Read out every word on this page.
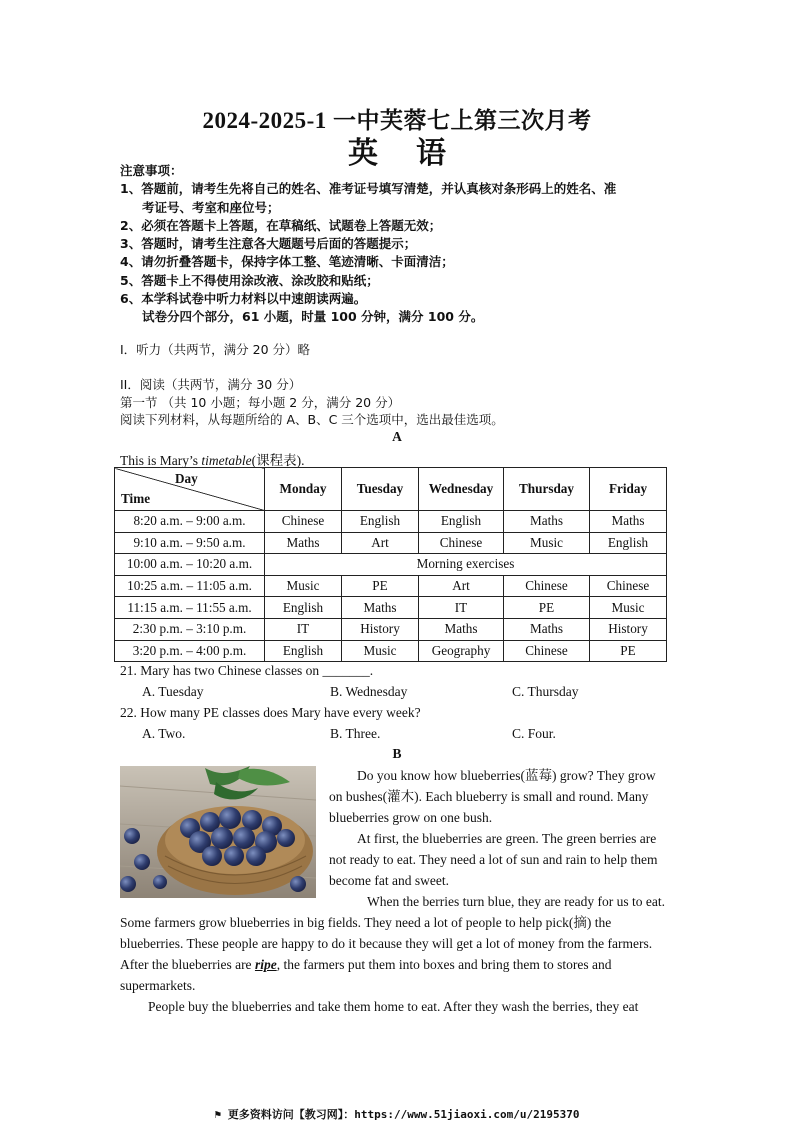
2024-2025-1 一中芙蓉七上第三次月考
英语
注意事项：
1、答题前，请考生先将自己的姓名、准考证号填写清楚，并认真核对条形码上的姓名、准
考证号、考室和座位号；
2、必须在答题卡上答题，在草稿纸、试题卷上答题无效；
3、答题时，请考生注意各大题题号后面的答题提示；
4、请勿折叠答题卡，保持字体工整、笔迹清晰、卡面清洁；
5、答题卡上不得使用涂改液、涂改胶和贴纸；
6、本学科试卷中听力材料以中速朗读两遍。
试卷分四个部分，61 小题，时量 100 分钟，满分 100 分。
I．听力（共两节，满分 20 分）略
II．阅读（共两节，满分 30 分）
第一节 （共 10 小题；每小题 2 分，满分 20 分）
阅读下列材料，从每题所给的 A、B、C 三个选项中，选出最佳选项。
A
This is Mary’s timetable(课程表).
Day
Time	Monday	Tuesday	Wednesday	Thursday	Friday
8:20 a.m. – 9:00 a.m.	Chinese	English	English	Maths	Maths
9:10 a.m. – 9:50 a.m.	Maths	Art	Chinese	Music	English
10:00 a.m. – 10:20 a.m.	Morning exercises				
10:25 a.m. – 11:05 a.m.	Music	PE	Art	Chinese	Chinese
11:15 a.m. – 11:55 a.m.	English	Maths	IT	PE	Music
2:30 p.m. – 3:10 p.m.	IT	History	Maths	Maths	History
3:20 p.m. – 4:00 p.m.	English	Music	Geography	Chinese	PE
21. Mary has two Chinese classes on _______.
A. Tuesday	B. Wednesday	C. Thursday
22. How many PE classes does Mary have every week?
A. Two.	B. Three.	C. Four.
B
Do you know how blueberries(蓝莓) grow? They grow
on bushes(灌木). Each blueberry is small and round. Many
blueberries grow on one bush.
At first, the blueberries are green. The green berries are
not ready to eat. They need a lot of sun and rain to help them
become fat and sweet.
When the berries turn blue, they are ready for us to eat.
Some farmers grow blueberries in big fields. They need a lot of people to help pick(摘) the
blueberries. These people are happy to do it because they will get a lot of money from the farmers.
After the blueberries are ripe, the farmers put them into boxes and bring them to stores and
supermarkets.
People buy the blueberries and take them home to eat. After they wash the berries, they eat
⚑ 更多资料访问【教习网】：https://www.51jiaoxi.com/u/2195370
